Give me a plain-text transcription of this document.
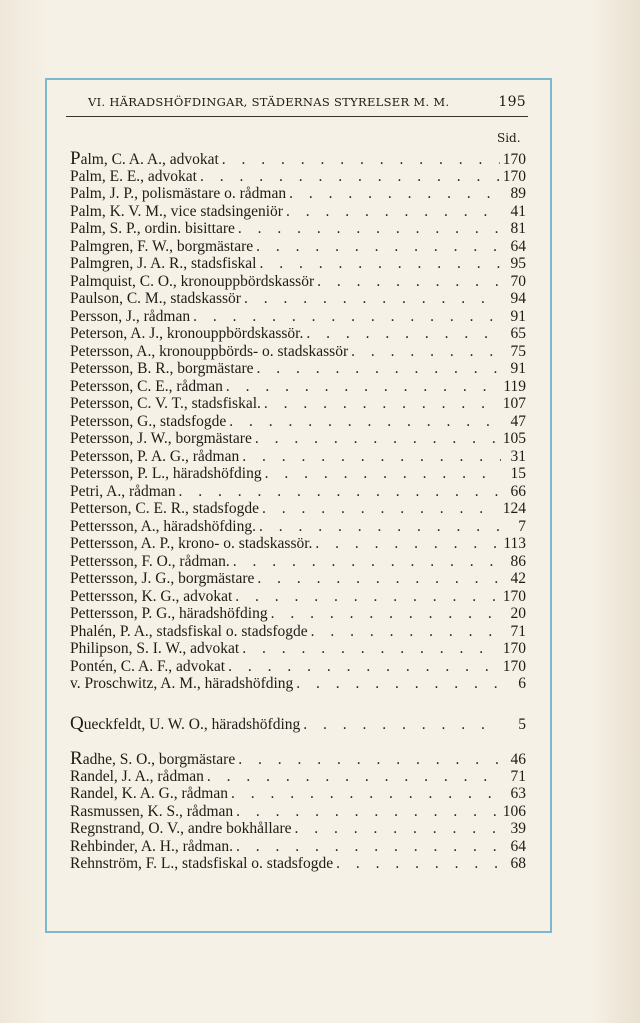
VI. HÄRADSHÖFDINGAR, STÄDERNAS STYRELSER M. M.	195
Sid.
Palm, C. A. A., advokat . . .	170
Palm, E. E., advokat . . .	170
Palm, J. P., polismästare o. rådman . . .	89
Palm, K. V. M., vice stadsingeniör . . .	41
Palm, S. P., ordin. bisittare . . .	81
Palmgren, F. W., borgmästare . . .	64
Palmgren, J. A. R., stadsfiskal . . .	95
Palmquist, C. O., kronouppbördskassör . . .	70
Paulson, C. M., stadskassör . . .	94
Persson, J., rådman . . .	91
Peterson, A. J., kronouppbördskassör. . . .	65
Petersson, A., kronouppbörds- o. stadskassör . . .	75
Petersson, B. R., borgmästare . . .	91
Petersson, C. E., rådman . . .	119
Petersson, C. V. T., stadsfiskal. . . .	107
Petersson, G., stadsfogde . . .	47
Petersson, J. W., borgmästare . . .	105
Petersson, P. A. G., rådman . . .	31
Petersson, P. L., häradshöfding . . .	15
Petri, A., rådman . . .	66
Petterson, C. E. R., stadsfogde . . .	124
Pettersson, A., häradshöfding. . . .	7
Pettersson, A. P., krono- o. stadskassör. . . .	113
Pettersson, F. O., rådman. . . .	86
Pettersson, J. G., borgmästare . . .	42
Pettersson, K. G., advokat . . .	170
Pettersson, P. G., häradshöfding . . .	20
Phalén, P. A., stadsfiskal o. stadsfogde . . .	71
Philipson, S. I. W., advokat . . .	170
Pontén, C. A. F., advokat . . .	170
v. Proschwitz, A. M., häradshöfding . . .	6
Queckfeldt, U. W. O., häradshöfding . . .	5
Radhe, S. O., borgmästare . . .	46
Randel, J. A., rådman . . .	71
Randel, K. A. G., rådman . . .	63
Rasmussen, K. S., rådman . . .	106
Regnstrand, O. V., andre bokhållare . . .	39
Rehbinder, A. H., rådman. . . .	64
Rehnström, F. L., stadsfiskal o. stadsfogde . . .	68
